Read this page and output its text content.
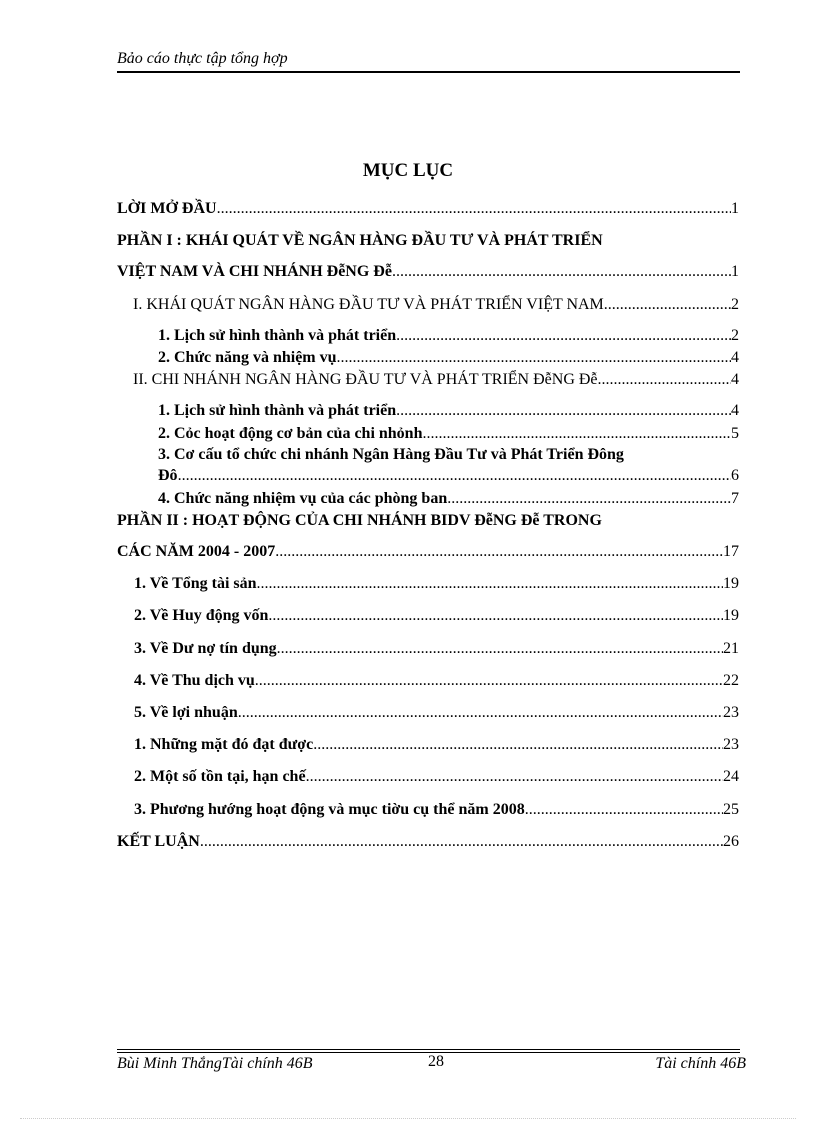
Bảo cáo thực tập tổng hợp
MỤC LỤC
LỜI MỞ ĐẦU .....	1
PHẦN I : KHÁI QUÁT VỀ NGÂN HÀNG ĐẦU TƯ VÀ PHÁT TRIỂN
VIỆT NAM VÀ CHI NHÁNH ĐễNG Đễ .....	1
I. KHÁI QUÁT NGÂN HÀNG ĐẦU TƯ VÀ PHÁT TRIỂN VIỆT NAM .....	2
1. Lịch sử hình thành và phát triển .....	2
2. Chức năng và nhiệm vụ .....	4
II. CHI NHÁNH NGÂN HÀNG ĐẦU TƯ VÀ PHÁT TRIỂN ĐễNG Đễ .....	4
1. Lịch sử hình thành và phát triển .....	4
2. Cỏc hoạt động cơ bản của chi nhỏnh .....	5
3. Cơ cấu tổ chức chi nhánh Ngân Hàng Đầu Tư và Phát Triển Đông
Đô .....	6
4. Chức năng nhiệm vụ của các phòng ban .....	7
PHẦN II : HOẠT ĐỘNG CỦA CHI NHÁNH BIDV ĐễNG Đễ TRONG
CÁC NĂM 2004 - 2007 .....	17
1. Về Tổng tài sản .....	19
2. Về Huy động vốn .....	19
3. Về Dư nợ tín dụng .....	21
4. Về Thu dịch vụ .....	22
5. Về lợi nhuận .....	23
1. Những mặt đó đạt được .....	23
2. Một số tồn tại, hạn chế .....	24
3. Phương hướng hoạt động và mục tiờu cụ thể năm 2008 .....	25
KẾT LUẬN .....	26
Bùi Minh ThắngTài chính 46B	28	Tài chính 46B
